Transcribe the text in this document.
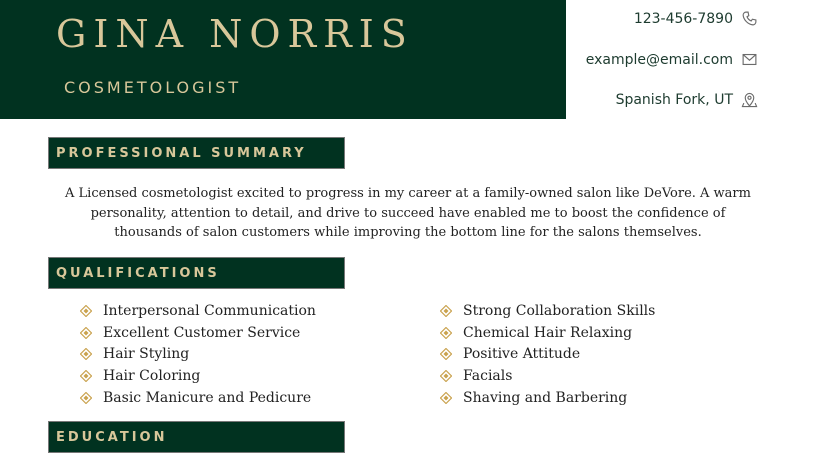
GINA NORRIS
COSMETOLOGIST
123-456-7890
example@email.com
Spanish Fork, UT
PROFESSIONAL SUMMARY
A Licensed cosmetologist excited to progress in my career at a family-owned salon like DeVore. A warm personality, attention to detail, and drive to succeed have enabled me to boost the confidence of thousands of salon customers while improving the bottom line for the salons themselves.
QUALIFICATIONS
Interpersonal Communication
Excellent Customer Service
Hair Styling
Hair Coloring
Basic Manicure and Pedicure
Strong Collaboration Skills
Chemical Hair Relaxing
Positive Attitude
Facials
Shaving and Barbering
EDUCATION
